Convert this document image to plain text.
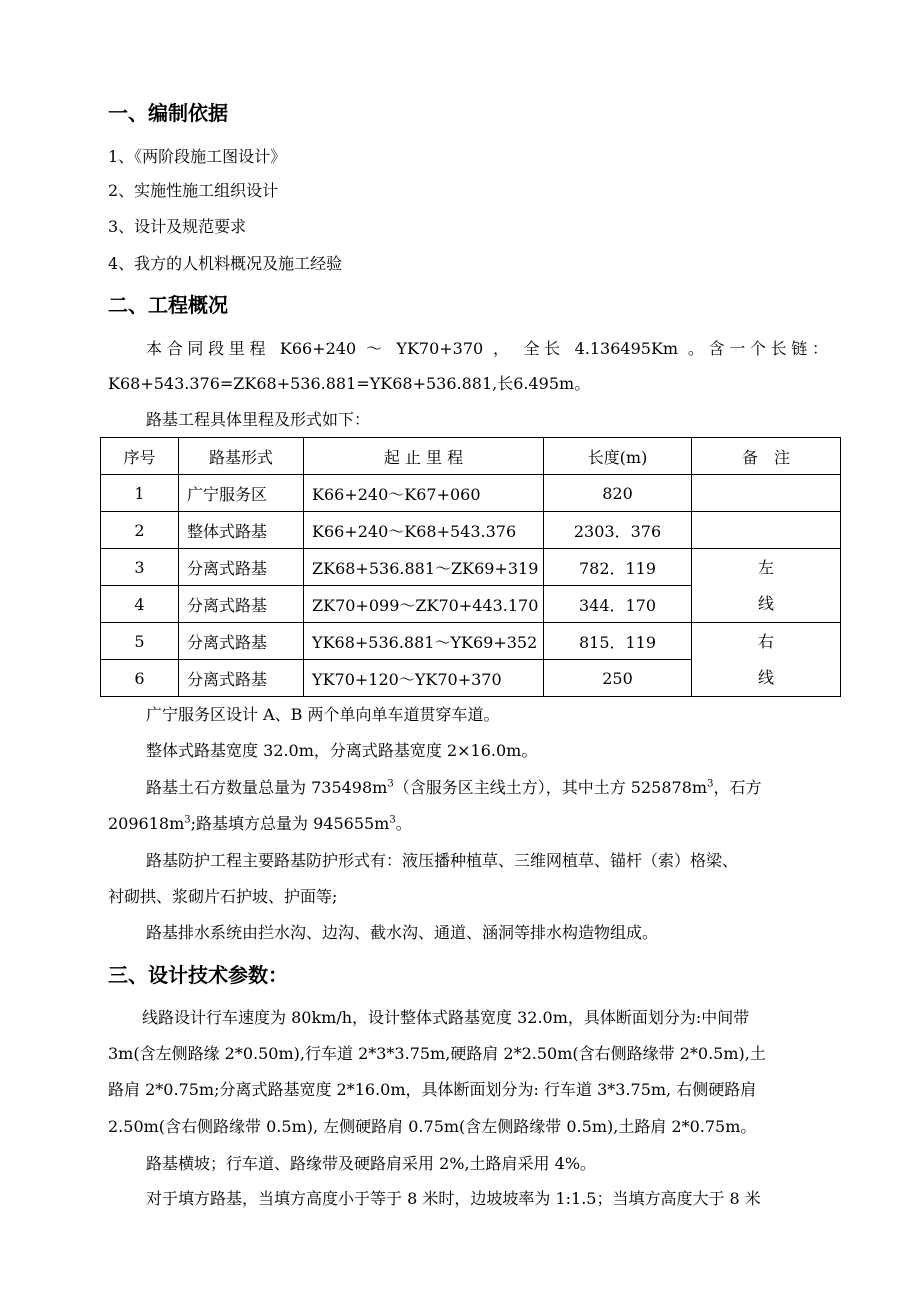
一、编制依据
1、《两阶段施工图设计》
2、实施性施工组织设计
3、设计及规范要求
4、我方的人机料概况及施工经验
二、工程概况
本合同段里程 K66+240 ～ YK70+370 ， 全长 4.136495Km 。含一个长链：
K68+543.376=ZK68+536.881=YK68+536.881,长6.495m。
路基工程具体里程及形式如下：
序号	路基形式	起 止 里 程	长度(m)	备　注
1	广宁服务区	K66+240～K67+060	820	
2	整体式路基	K66+240～K68+543.376	2303．376	
3	分离式路基	ZK68+536.881～ZK69+319	782．119	左
线

4	分离式路基	ZK70+099～ZK70+443.170	344．170	
5	分离式路基	YK68+536.881～YK69+352	815．119	右
线

6	分离式路基	YK70+120～YK70+370	250	
广宁服务区设计 A、B 两个单向单车道贯穿车道。
整体式路基宽度 32.0m，分离式路基宽度 2×16.0m。
路基土石方数量总量为 $735498m^3$（含服务区主线土方），其中土方 $525878m^3$，石方
$209618m^3$;路基填方总量为 $945655m^3$。
路基防护工程主要路基防护形式有：液压播种植草、三维网植草、锚杆（索）格梁、
衬砌拱、浆砌片石护坡、护面等;
路基排水系统由拦水沟、边沟、截水沟、通道、涵洞等排水构造物组成。
三、设计技术参数：
线路设计行车速度为 80km/h，设计整体式路基宽度 32.0m，具体断面划分为:中间带
3m(含左侧路缘 2*0.50m),行车道 2*3*3.75m,硬路肩 2*2.50m(含右侧路缘带 2*0.5m),土
路肩 2*0.75m;分离式路基宽度 2*16.0m，具体断面划分为: 行车道 3*3.75m, 右侧硬路肩
2.50m(含右侧路缘带 0.5m), 左侧硬路肩 0.75m(含左侧路缘带 0.5m),土路肩 2*0.75m。
路基横坡；行车道、路缘带及硬路肩采用 2%,土路肩采用 4%。
对于填方路基，当填方高度小于等于 8 米时，边坡坡率为 1:1.5；当填方高度大于 8 米
